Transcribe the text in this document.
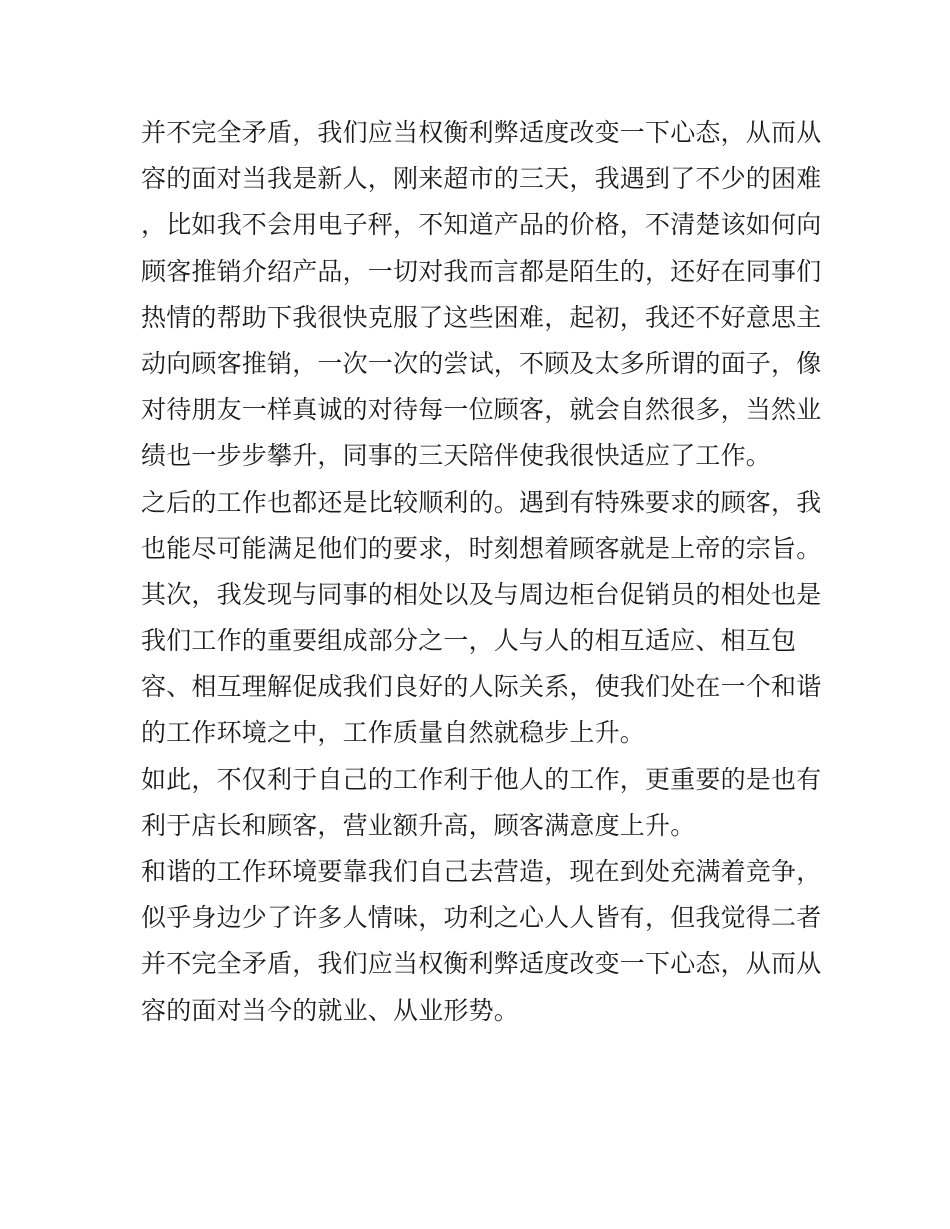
并不完全矛盾，我们应当权衡利弊适度改变一下心态，从而从
容的面对当我是新人，刚来超市的三天，我遇到了不少的困难
，比如我不会用电子秤，不知道产品的价格，不清楚该如何向
顾客推销介绍产品，一切对我而言都是陌生的，还好在同事们
热情的帮助下我很快克服了这些困难，起初，我还不好意思主
动向顾客推销，一次一次的尝试，不顾及太多所谓的面子，像
对待朋友一样真诚的对待每一位顾客，就会自然很多，当然业
绩也一步步攀升，同事的三天陪伴使我很快适应了工作。
之后的工作也都还是比较顺利的。遇到有特殊要求的顾客，我
也能尽可能满足他们的要求，时刻想着顾客就是上帝的宗旨。
其次，我发现与同事的相处以及与周边柜台促销员的相处也是
我们工作的重要组成部分之一，人与人的相互适应、相互包
容、相互理解促成我们良好的人际关系，使我们处在一个和谐
的工作环境之中，工作质量自然就稳步上升。
如此，不仅利于自己的工作利于他人的工作，更重要的是也有
利于店长和顾客，营业额升高，顾客满意度上升。
和谐的工作环境要靠我们自己去营造，现在到处充满着竞争，
似乎身边少了许多人情味，功利之心人人皆有，但我觉得二者
并不完全矛盾，我们应当权衡利弊适度改变一下心态，从而从
容的面对当今的就业、从业形势。
